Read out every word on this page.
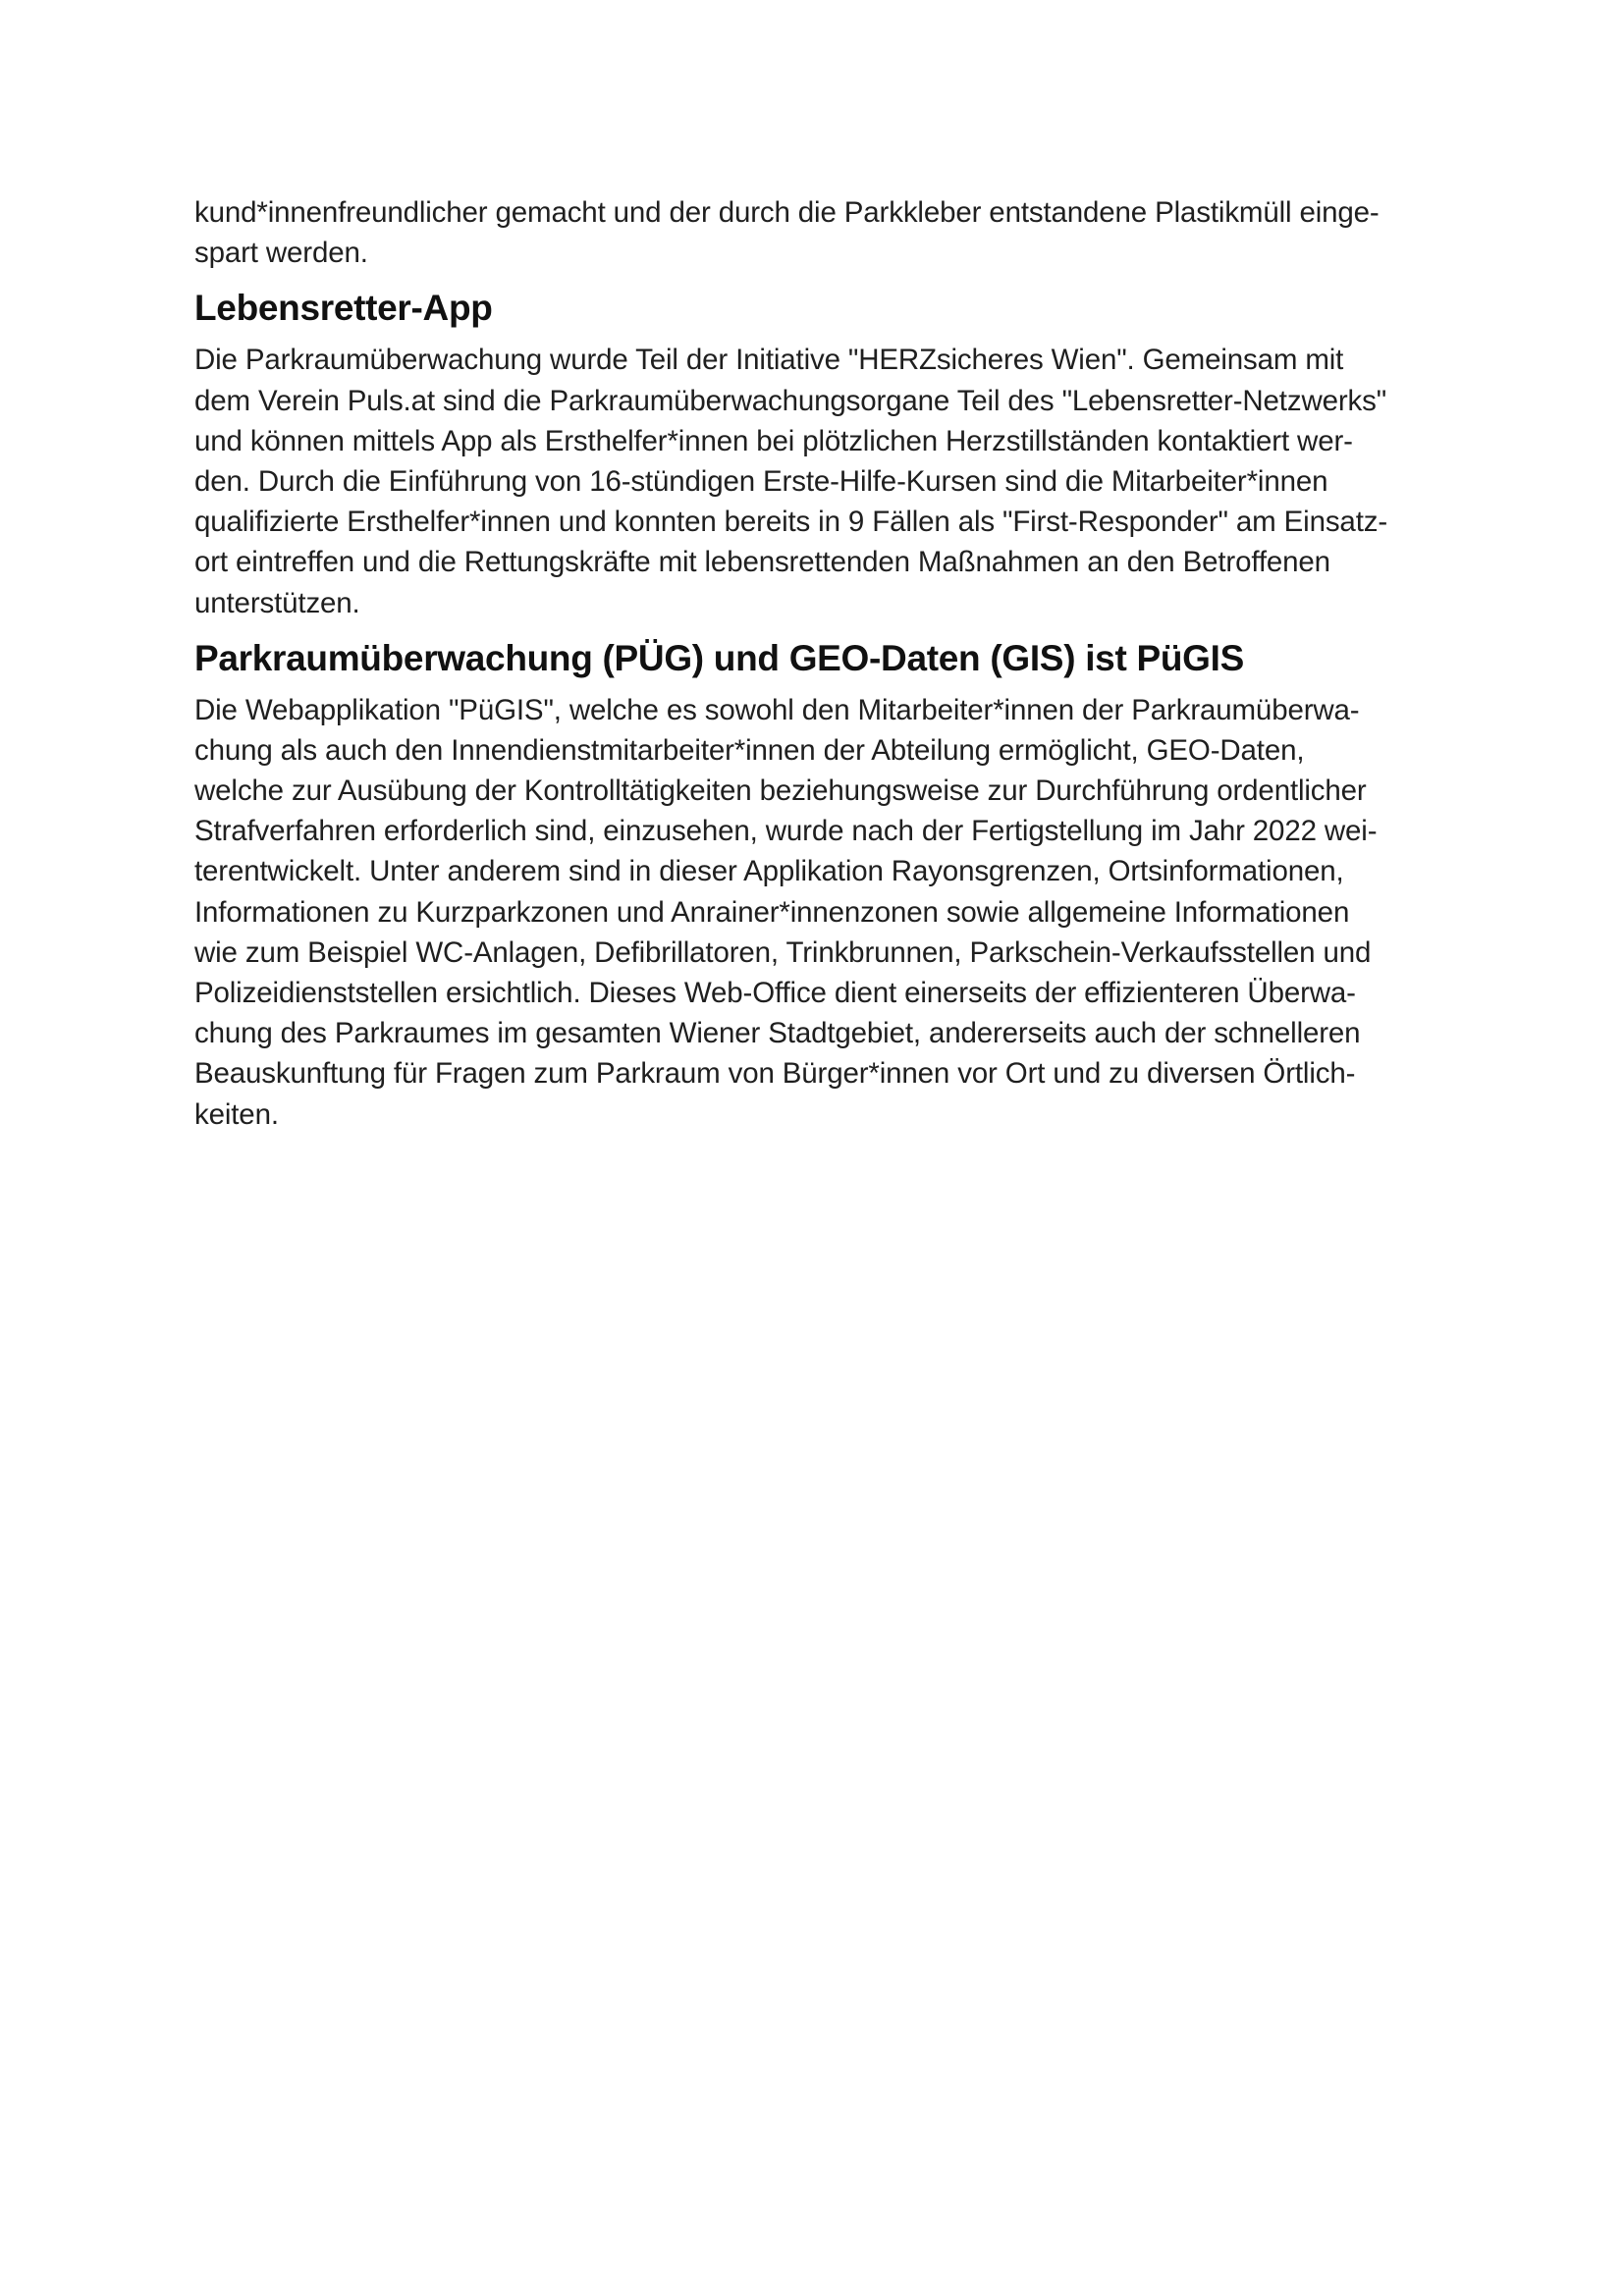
kund*innenfreundlicher gemacht und der durch die Parkkleber entstandene Plastikmüll einge-
spart werden.
Lebensretter-App
Die Parkraumüberwachung wurde Teil der Initiative "HERZsicheres Wien". Gemeinsam mit
dem Verein Puls.at sind die Parkraumüberwachungsorgane Teil des "Lebensretter-Netzwerks"
und können mittels App als Ersthelfer*innen bei plötzlichen Herzstillständen kontaktiert wer-
den. Durch die Einführung von 16-stündigen Erste-Hilfe-Kursen sind die Mitarbeiter*innen
qualifizierte Ersthelfer*innen und konnten bereits in 9 Fällen als "First-Responder" am Einsatz-
ort eintreffen und die Rettungskräfte mit lebensrettenden Maßnahmen an den Betroffenen
unterstützen.
Parkraumüberwachung (PÜG) und GEO-Daten (GIS) ist PüGIS
Die Webapplikation "PüGIS", welche es sowohl den Mitarbeiter*innen der Parkraumüberwa-
chung als auch den Innendienstmitarbeiter*innen der Abteilung ermöglicht, GEO-Daten,
welche zur Ausübung der Kontrolltätigkeiten beziehungsweise zur Durchführung ordentlicher
Strafverfahren erforderlich sind, einzusehen, wurde nach der Fertigstellung im Jahr 2022 wei-
terentwickelt. Unter anderem sind in dieser Applikation Rayonsgrenzen, Ortsinformationen,
Informationen zu Kurzparkzonen und Anrainer*innenzonen sowie allgemeine Informationen
wie zum Beispiel WC-Anlagen, Defibrillatoren, Trinkbrunnen, Parkschein-Verkaufsstellen und
Polizeidienststellen ersichtlich. Dieses Web-Office dient einerseits der effizienteren Überwa-
chung des Parkraumes im gesamten Wiener Stadtgebiet, andererseits auch der schnelleren
Beauskunftung für Fragen zum Parkraum von Bürger*innen vor Ort und zu diversen Örtlich-
keiten.
